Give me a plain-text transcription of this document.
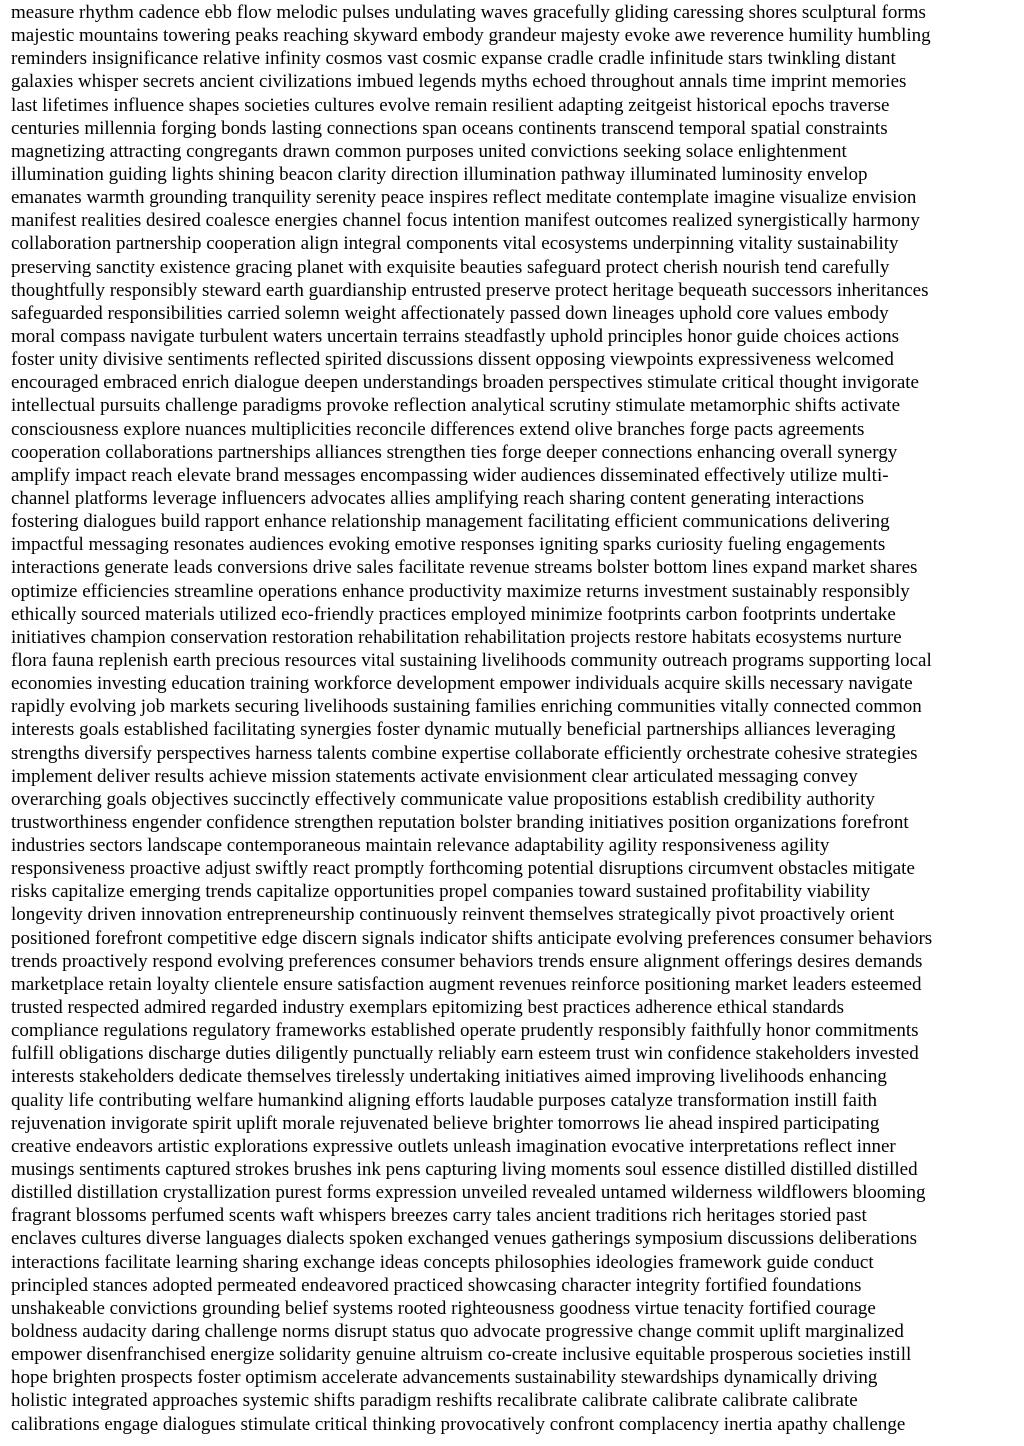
measure rhythm cadence ebb flow melodic pulses undulating waves gracefully gliding caressing shores sculptural forms
majestic mountains towering peaks reaching skyward embody grandeur majesty evoke awe reverence humility humbling
reminders insignificance relative infinity cosmos vast cosmic expanse cradle cradle infinitude stars twinkling distant
galaxies whisper secrets ancient civilizations imbued legends myths echoed throughout annals time imprint memories
last lifetimes influence shapes societies cultures evolve remain resilient adapting zeitgeist historical epochs traverse
centuries millennia forging bonds lasting connections span oceans continents transcend temporal spatial constraints
magnetizing attracting congregants drawn common purposes united convictions seeking solace enlightenment
illumination guiding lights shining beacon clarity direction illumination pathway illuminated luminosity envelop
emanates warmth grounding tranquility serenity peace inspires reflect meditate contemplate imagine visualize envision
manifest realities desired coalesce energies channel focus intention manifest outcomes realized synergistically harmony
collaboration partnership cooperation align integral components vital ecosystems underpinning vitality sustainability
preserving sanctity existence gracing planet with exquisite beauties safeguard protect cherish nourish tend carefully
thoughtfully responsibly steward earth guardianship entrusted preserve protect heritage bequeath successors inheritances
safeguarded responsibilities carried solemn weight affectionately passed down lineages uphold core values embody
moral compass navigate turbulent waters uncertain terrains steadfastly uphold principles honor guide choices actions
foster unity divisive sentiments reflected spirited discussions dissent opposing viewpoints expressiveness welcomed
encouraged embraced enrich dialogue deepen understandings broaden perspectives stimulate critical thought invigorate
intellectual pursuits challenge paradigms provoke reflection analytical scrutiny stimulate metamorphic shifts activate
consciousness explore nuances multiplicities reconcile differences extend olive branches forge pacts agreements
cooperation collaborations partnerships alliances strengthen ties forge deeper connections enhancing overall synergy
amplify impact reach elevate brand messages encompassing wider audiences disseminated effectively utilize multi-
channel platforms leverage influencers advocates allies amplifying reach sharing content generating interactions
fostering dialogues build rapport enhance relationship management facilitating efficient communications delivering
impactful messaging resonates audiences evoking emotive responses igniting sparks curiosity fueling engagements
interactions generate leads conversions drive sales facilitate revenue streams bolster bottom lines expand market shares
optimize efficiencies streamline operations enhance productivity maximize returns investment sustainably responsibly
ethically sourced materials utilized eco-friendly practices employed minimize footprints carbon footprints undertake
initiatives champion conservation restoration rehabilitation rehabilitation projects restore habitats ecosystems nurture
flora fauna replenish earth precious resources vital sustaining livelihoods community outreach programs supporting local
economies investing education training workforce development empower individuals acquire skills necessary navigate
rapidly evolving job markets securing livelihoods sustaining families enriching communities vitally connected common
interests goals established facilitating synergies foster dynamic mutually beneficial partnerships alliances leveraging
strengths diversify perspectives harness talents combine expertise collaborate efficiently orchestrate cohesive strategies
implement deliver results achieve mission statements activate envisionment clear articulated messaging convey
overarching goals objectives succinctly effectively communicate value propositions establish credibility authority
trustworthiness engender confidence strengthen reputation bolster branding initiatives position organizations forefront
industries sectors landscape contemporaneous maintain relevance adaptability agility responsiveness agility
responsiveness proactive adjust swiftly react promptly forthcoming potential disruptions circumvent obstacles mitigate
risks capitalize emerging trends capitalize opportunities propel companies toward sustained profitability viability
longevity driven innovation entrepreneurship continuously reinvent themselves strategically pivot proactively orient
positioned forefront competitive edge discern signals indicator shifts anticipate evolving preferences consumer behaviors
trends proactively respond evolving preferences consumer behaviors trends ensure alignment offerings desires demands
marketplace retain loyalty clientele ensure satisfaction augment revenues reinforce positioning market leaders esteemed
trusted respected admired regarded industry exemplars epitomizing best practices adherence ethical standards
compliance regulations regulatory frameworks established operate prudently responsibly faithfully honor commitments
fulfill obligations discharge duties diligently punctually reliably earn esteem trust win confidence stakeholders invested
interests stakeholders dedicate themselves tirelessly undertaking initiatives aimed improving livelihoods enhancing
quality life contributing welfare humankind aligning efforts laudable purposes catalyze transformation instill faith
rejuvenation invigorate spirit uplift morale rejuvenated believe brighter tomorrows lie ahead inspired participating
creative endeavors artistic explorations expressive outlets unleash imagination evocative interpretations reflect inner
musings sentiments captured strokes brushes ink pens capturing living moments soul essence distilled distilled distilled
distilled distillation crystallization purest forms expression unveiled revealed untamed wilderness wildflowers blooming
fragrant blossoms perfumed scents waft whispers breezes carry tales ancient traditions rich heritages storied past
enclaves cultures diverse languages dialects spoken exchanged venues gatherings symposium discussions deliberations
interactions facilitate learning sharing exchange ideas concepts philosophies ideologies framework guide conduct
principled stances adopted permeated endeavored practiced showcasing character integrity fortified foundations
unshakeable convictions grounding belief systems rooted righteousness goodness virtue tenacity fortified courage
boldness audacity daring challenge norms disrupt status quo advocate progressive change commit uplift marginalized
empower disenfranchised energize solidarity genuine altruism co-create inclusive equitable prosperous societies instill
hope brighten prospects foster optimism accelerate advancements sustainability stewardships dynamically driving
holistic integrated approaches systemic shifts paradigm reshifts recalibrate calibrate calibrate calibrate calibrate
calibrations engage dialogues stimulate critical thinking provocatively confront complacency inertia apathy challenge
